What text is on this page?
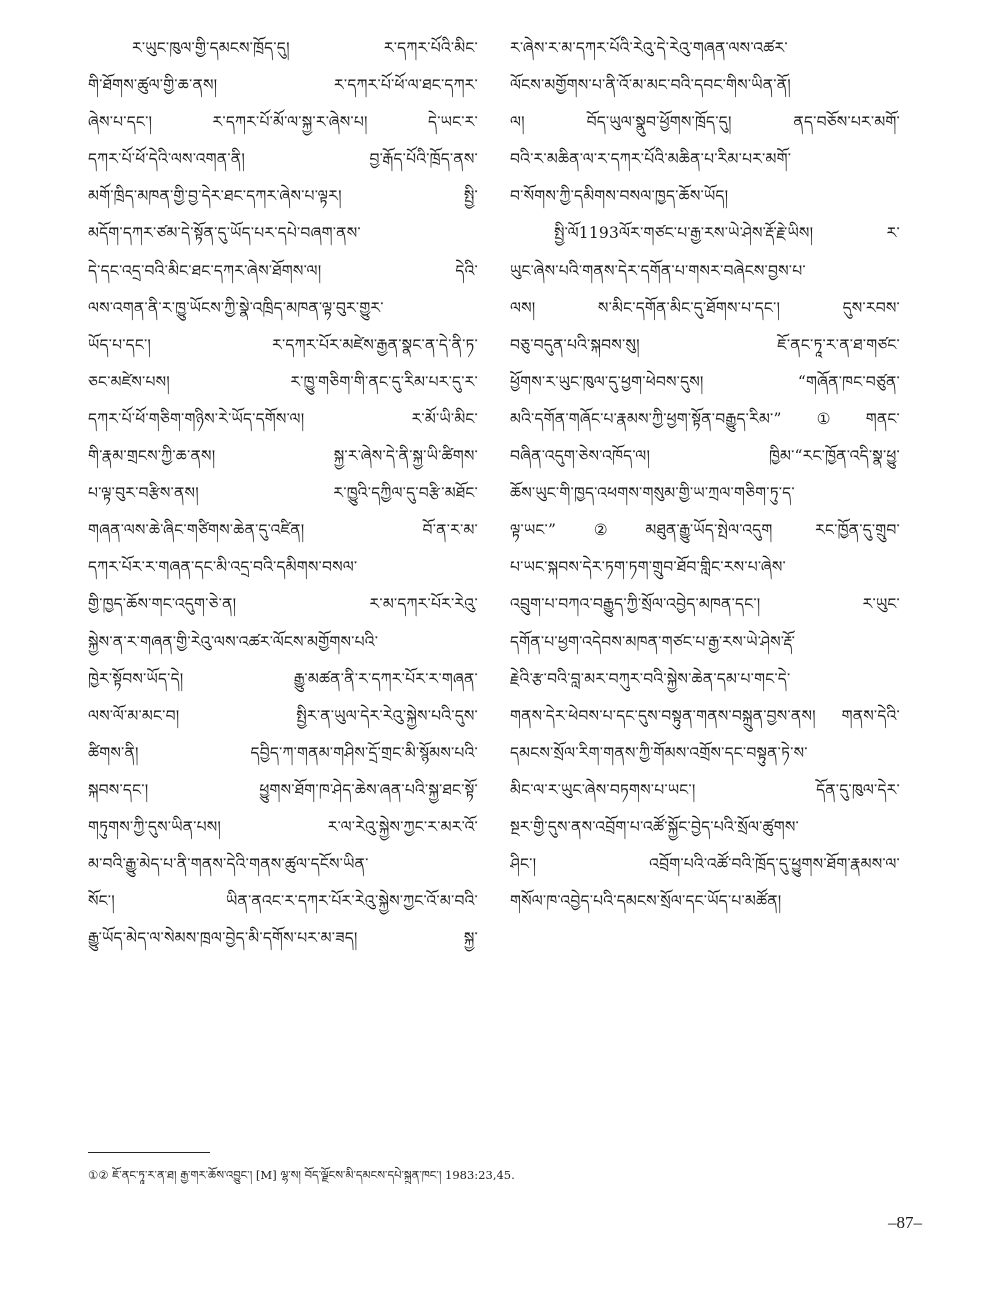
ར་ཡུང་ཁུལ་གྱི་དམངས་ཁྲོད་དུ། ར་དཀར་པོའི་མིང་
གི་ཐོགས་ཚུལ་གྱི་ཆ་ནས། ར་དཀར་པོ་ཕོ་ལ་ཐང་དཀར་
ཞེས་པ་དང་། ར་དཀར་པོ་མོ་ལ་སྐྱ་ར་ཞེས་པ། དེ་ཡང་ར་
དཀར་པོ་ཕོ་དེའི་ལས་འགན་ནི། བྱ་རྒོད་པོའི་ཁྲོད་ནས་
མགོ་ཁྲིད་མཁན་གྱི་བྱ་དེར་ཐང་དཀར་ཞེས་པ་ལྟར། སྤྱི་
མདོག་དཀར་ཙམ་དེ་སྟོན་དུ་ཡོད་པར་དཔེ་བཞག་ནས་
དེ་དང་འདྲ་བའི་མིང་ཐང་དཀར་ཞེས་ཐོགས་ལ། དེའི་
ལས་འགན་ནི་ར་ཁྱུ་ཡོངས་ཀྱི་སྣེ་འཁྲིད་མཁན་ལྟ་བུར་གྱུར་
ཡོད་པ་དང་། ར་དཀར་པོར་མཛེས་རྒྱན་སྣང་ན་དེ་ནི་ཏ་
ཅང་མཛེས་པས། ར་ཁྱུ་གཅིག་གི་ནང་དུ་རིམ་པར་དུ་ར་
དཀར་པོ་ཕོ་གཅིག་གཉིས་རེ་ཡོད་དགོས་ལ། ར་མོ་ཡི་མིང་
གི་རྣམ་གྲངས་ཀྱི་ཆ་ནས། སྐྱ་ར་ཞེས་དེ་ནི་སྐྱ་ཡི་ཚིགས་
པ་ལྟ་བུར་བརྩིས་ནས། ར་ཁྱུའི་དཀྱིལ་དུ་བརྩི་མཐོང་
གཞན་ལས་ཆེ་ཞིང་གཙིགས་ཆེན་དུ་འཛིན། བོ་ན་ར་མ་
དཀར་པོར་ར་གཞན་དང་མི་འདྲ་བའི་དམིགས་བསལ་
གྱི་ཁྱད་ཆོས་གང་འདུག་ཅེ་ན། ར་མ་དཀར་པོར་རེའུ་
སྐྱེས་ན་ར་གཞན་གྱི་རེའུ་ལས་འཚར་ལོངས་མགྱོགས་པའི་
ཁྱེར་སྟོབས་ཡོད་དེ། རྒྱུ་མཚན་ནི་ར་དཀར་པོར་ར་གཞན་
ལས་ལོ་མ་མང་བ། སྤྱིར་ན་ཡུལ་དེར་རེའུ་སྐྱེས་པའི་དུས་
ཚིགས་ནི། དབྱིད་ཀ་གནམ་གཤིས་དྲོ་གྲང་མི་སྙོམས་པའི་
སྐབས་དང་། ཕྱུགས་ཐོག་ཁ་ཤེད་ཆེས་ཞན་པའི་སྐྱ་ཐང་སྟོ་
གཏུགས་ཀྱི་དུས་ཡིན་པས། ར་ལ་རེའུ་སྐྱེས་ཀྱང་ར་མར་འོ་
མ་བའི་རྒྱུ་མེད་པ་ནི་གནས་དེའི་གནས་ཚུལ་དངོས་ཡིན་
སོང་། ཡིན་ནའང་ར་དཀར་པོར་རེའུ་སྐྱེས་ཀྱང་འོ་མ་བའི་
རྒྱུ་ཡོད་མེད་ལ་སེམས་ཁྲལ་བྱེད་མི་དགོས་པར་མ་ཟད། སྐྱ་
ར་ཞེས་ར་མ་དཀར་པོའི་རེའུ་དེ་རེའུ་གཞན་ལས་འཚར་
ལོངས་མགྱོགས་པ་ནི་འོ་མ་མང་བའི་དབང་གིས་ཡིན་ནོ།
ལ། བོད་ཡུལ་སྣུབ་ཕྱོགས་ཁྲོད་དུ། ནད་བཅོས་པར་མགོ་
བའི་ར་མཆིན་ལ་ར་དཀར་པོའི་མཆིན་པ་རིམ་པར་མགོ་
བ་སོགས་ཀྱི་དམིགས་བསལ་ཁྱད་ཆོས་ཡོད།
སྤྱི་ལོ1193ལོར་གཙང་པ་རྒྱ་རས་ཡེ་ཤེས་རྡོ་རྗེ་ཡིས། ར་
ཡུང་ཞེས་པའི་གནས་དེར་དགོན་པ་གསར་བཞེངས་བྱས་པ་
ལས། ས་མིང་དགོན་མིང་དུ་ཐོགས་པ་དང་། དུས་རབས་
བཅུ་བདུན་པའི་སྐབས་སུ། ཇོ་ནང་ཏཱ་ར་ན་ཐ་གཙང་
ཕྱོགས་ར་ཡུང་ཁུལ་དུ་ཕྱག་ཕེབས་དུས། “གཞོན་ཁང་བཙུན་
མའི་དགོན་གཞོང་པ་རྣམས་ཀྱི་ཕྱག་སྟོན་བརྒྱུད་རིམ་”①གནང་
བཞིན་འདུག་ཅེས་འཁོད་ལ། ཁྱིམ་“རང་ཁྱོན་འདི་སྣ་ཕྱུ་
ཆོས་ཡུང་གི་ཁྱད་འཕགས་གསུམ་གྱི་ཡ་ཀྲལ་གཅིག་ཏུ་ད་
ལྟ་ཡང་”②མཐུན་རྒྱུ་ཡོད་སྤེལ་འདུག རང་ཁྱོན་དུ་གྲུབ་
པ་ཡང་སྐབས་དེར་ཏག་ཏག་གྲུབ་ཐོབ་གླིང་རས་པ་ཞེས་
འབྲུག་པ་བཀའ་བརྒྱུད་ཀྱི་སྲོལ་འབྱེད་མཁན་དང་། ར་ཡུང་
དགོན་པ་ཕྱག་འདེབས་མཁན་གཙང་པ་རྒྱ་རས་ཡེ་ཤེས་རྡོ་
རྗེའི་རྩ་བའི་བླ་མར་བཀུར་བའི་སྐྱེས་ཆེན་དམ་པ་གང་དེ་
གནས་དེར་ཕེབས་པ་དང་དུས་བསྟུན་གནས་བསྐྲུན་བྱས་ནས། གནས་དེའི་
དམངས་སྲོལ་རིག་གནས་ཀྱི་གོམས་འགྲོས་དང་བསྟུན་ཏེ་ས་
མིང་ལ་ར་ཡུང་ཞེས་བཏགས་པ་ཡང་། དོན་དུ་ཁུལ་དེར་
སྔར་གྱི་དུས་ནས་འབྲོག་པ་འཚོ་སྐྱོང་བྱེད་པའི་སྲོལ་ཚུགས་
ཤིང་། འབྲོག་པའི་འཚོ་བའི་ཁྲོད་དུ་ཕྱུགས་ཐོག་རྣམས་ལ་
གསོལ་ཁ་འབྱེད་པའི་དམངས་སྲོལ་དང་ཡོད་པ་མཚོན།
①② ཇོ་ནང་ཏཱ་ར་ན་ཐ། རྒྱ་གར་ཆོས་འབྱུང་། [M] ལྷ་ས། བོད་ལྗོངས་མི་དམངས་དཔེ་སྐྲུན་ཁང་། 1983:23,45.
–87–
